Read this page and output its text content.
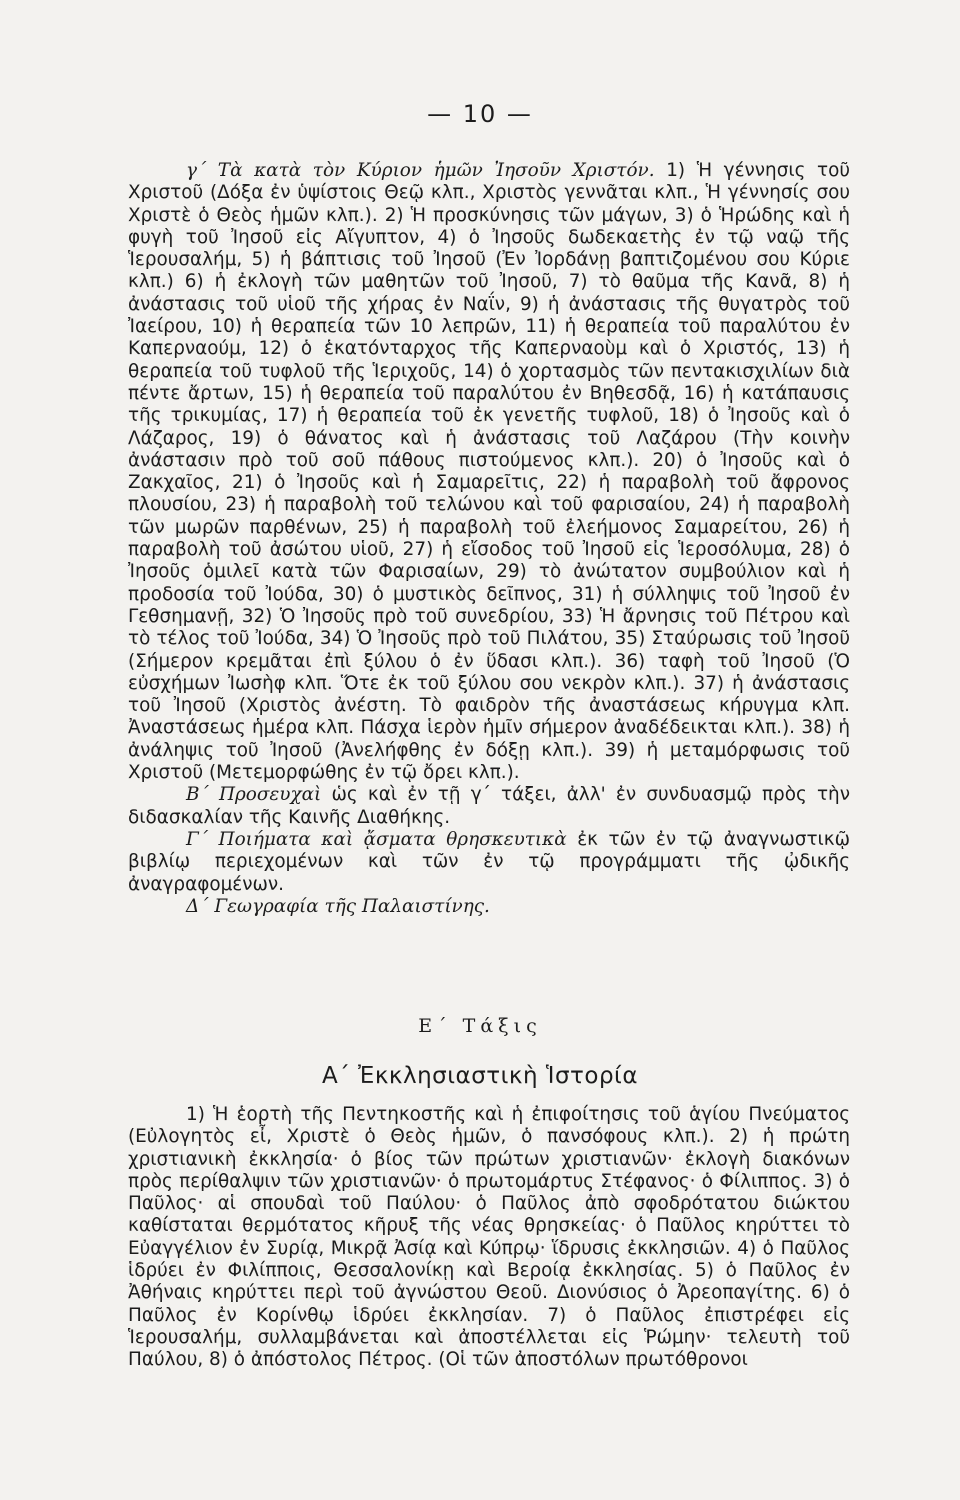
— 10 —

γ΄ Τὰ κατὰ τὸν Κύριον ἡμῶν Ἰησοῦν Χριστόν. 1) Ἡ γέννησις τοῦ Χριστοῦ (Δόξα ἐν ὑψίστοις Θεῷ κλπ., Χριστὸς γεννᾶται κλπ., Ἡ γέννησίς σου Χριστὲ ὁ Θεὸς ἡμῶν κλπ.). 2) Ἡ προσκύνησις τῶν μάγων, 3) ὁ Ἡρώδης καὶ ἡ φυγὴ τοῦ Ἰησοῦ εἰς Αἴγυπτον, 4) ὁ Ἰησοῦς δωδεκαετὴς ἐν τῷ ναῷ τῆς Ἱερουσαλήμ, 5) ἡ βάπτισις τοῦ Ἰησοῦ (Ἐν Ἰορδάνῃ βαπτιζομένου σου Κύριε κλπ.) 6) ἡ ἐκλογὴ τῶν μαθητῶν τοῦ Ἰησοῦ, 7) τὸ θαῦμα τῆς Κανᾶ, 8) ἡ ἀνάστασις τοῦ υἱοῦ τῆς χήρας ἐν Ναΐν, 9) ἡ ἀνάστασις τῆς θυγατρὸς τοῦ Ἰαείρου, 10) ἡ θεραπεία τῶν 10 λεπρῶν, 11) ἡ θεραπεία τοῦ παραλύτου ἐν Καπερναούμ, 12) ὁ ἑκατόνταρχος τῆς Καπερναοὺμ καὶ ὁ Χριστός, 13) ἡ θεραπεία τοῦ τυφλοῦ τῆς Ἱεριχοῦς, 14) ὁ χορτασμὸς τῶν πεντακισχιλίων διὰ πέντε ἄρτων, 15) ἡ θεραπεία τοῦ παραλύτου ἐν Βηθεσδᾷ, 16) ἡ κατάπαυσις τῆς τρικυμίας, 17) ἡ θεραπεία τοῦ ἐκ γενετῆς τυφλοῦ, 18) ὁ Ἰησοῦς καὶ ὁ Λάζαρος, 19) ὁ θάνατος καὶ ἡ ἀνάστασις τοῦ Λαζάρου (Τὴν κοινὴν ἀνάστασιν πρὸ τοῦ σοῦ πάθους πιστούμενος κλπ.). 20) ὁ Ἰησοῦς καὶ ὁ Ζακχαῖος, 21) ὁ Ἰησοῦς καὶ ἡ Σαμαρεῖτις, 22) ἡ παραβολὴ τοῦ ἄφρονος πλουσίου, 23) ἡ παραβολὴ τοῦ τελώνου καὶ τοῦ φαρισαίου, 24) ἡ παραβολὴ τῶν μωρῶν παρθένων, 25) ἡ παραβολὴ τοῦ ἐλεήμονος Σαμαρείτου, 26) ἡ παραβολὴ τοῦ ἀσώτου υἱοῦ, 27) ἡ εἴσοδος τοῦ Ἰησοῦ εἰς Ἱεροσόλυμα, 28) ὁ Ἰησοῦς ὁμιλεῖ κατὰ τῶν Φαρισαίων, 29) τὸ ἀνώτατον συμβούλιον καὶ ἡ προδοσία τοῦ Ἰούδα, 30) ὁ μυστικὸς δεῖπνος, 31) ἡ σύλληψις τοῦ Ἰησοῦ ἐν Γεθσημανῇ, 32) Ὁ Ἰησοῦς πρὸ τοῦ συνεδρίου, 33) Ἡ ἄρνησις τοῦ Πέτρου καὶ τὸ τέλος τοῦ Ἰούδα, 34) Ὁ Ἰησοῦς πρὸ τοῦ Πιλάτου, 35) Σταύρωσις τοῦ Ἰησοῦ (Σήμερον κρεμᾶται ἐπὶ ξύλου ὁ ἐν ὕδασι κλπ.). 36) ταφὴ τοῦ Ἰησοῦ (Ὁ εὐσχήμων Ἰωσὴφ κλπ. Ὅτε ἐκ τοῦ ξύλου σου νεκρὸν κλπ.). 37) ἡ ἀνάστασις τοῦ Ἰησοῦ (Χριστὸς ἀνέστη. Τὸ φαιδρὸν τῆς ἀναστάσεως κήρυγμα κλπ. Ἀναστάσεως ἡμέρα κλπ. Πάσχα ἱερὸν ἡμῖν σήμερον ἀναδέδεικται κλπ.). 38) ἡ ἀνάληψις τοῦ Ἰησοῦ (Ἀνελήφθης ἐν δόξῃ κλπ.). 39) ἡ μεταμόρφωσις τοῦ Χριστοῦ (Μετεμορφώθης ἐν τῷ ὄρει κλπ.).

Β΄ Προσευχαὶ ὡς καὶ ἐν τῇ γ΄ τάξει, ἀλλ' ἐν συνδυασμῷ πρὸς τὴν διδασκαλίαν τῆς Καινῆς Διαθήκης.

Γ΄ Ποιήματα καὶ ᾄσματα θρησκευτικὰ ἐκ τῶν ἐν τῷ ἀναγνωστικῷ βιβλίῳ περιεχομένων καὶ τῶν ἐν τῷ προγράμματι τῆς ᾠδικῆς ἀναγραφομένων.

Δ΄ Γεωγραφία τῆς Παλαιστίνης.

Ε΄ Τάξις
Α΄ Ἐκκλησιαστικὴ Ἱστορία

1) Ἡ ἑορτὴ τῆς Πεντηκοστῆς καὶ ἡ ἐπιφοίτησις τοῦ ἁγίου Πνεύματος (Εὐλογητὸς εἶ, Χριστὲ ὁ Θεὸς ἡμῶν, ὁ πανσόφους κλπ.). 2) ἡ πρώτη χριστιανικὴ ἐκκλησία· ὁ βίος τῶν πρώτων χριστιανῶν· ἐκλογὴ διακόνων πρὸς περίθαλψιν τῶν χριστιανῶν· ὁ πρωτομάρτυς Στέφανος· ὁ Φίλιππος. 3) ὁ Παῦλος· αἱ σπουδαὶ τοῦ Παύλου· ὁ Παῦλος ἀπὸ σφοδρότατου διώκτου καθίσταται θερμότατος κῆρυξ τῆς νέας θρησκείας· ὁ Παῦλος κηρύττει τὸ Εὐαγγέλιον ἐν Συρίᾳ, Μικρᾷ Ἀσίᾳ καὶ Κύπρῳ· ἵδρυσις ἐκκλησιῶν. 4) ὁ Παῦλος ἱδρύει ἐν Φιλίπποις, Θεσσαλονίκῃ καὶ Βεροίᾳ ἐκκλησίας. 5) ὁ Παῦλος ἐν Ἀθήναις κηρύττει περὶ τοῦ ἀγνώστου Θεοῦ. Διονύσιος ὁ Ἀρεοπαγίτης. 6) ὁ Παῦλος ἐν Κορίνθῳ ἱδρύει ἐκκλησίαν. 7) ὁ Παῦλος ἐπιστρέφει εἰς Ἱερουσαλήμ, συλλαμβάνεται καὶ ἀποστέλλεται εἰς Ῥώμην· τελευτὴ τοῦ Παύλου, 8) ὁ ἀπόστολος Πέτρος. (Οἱ τῶν ἀποστόλων πρωτόθρονοι
